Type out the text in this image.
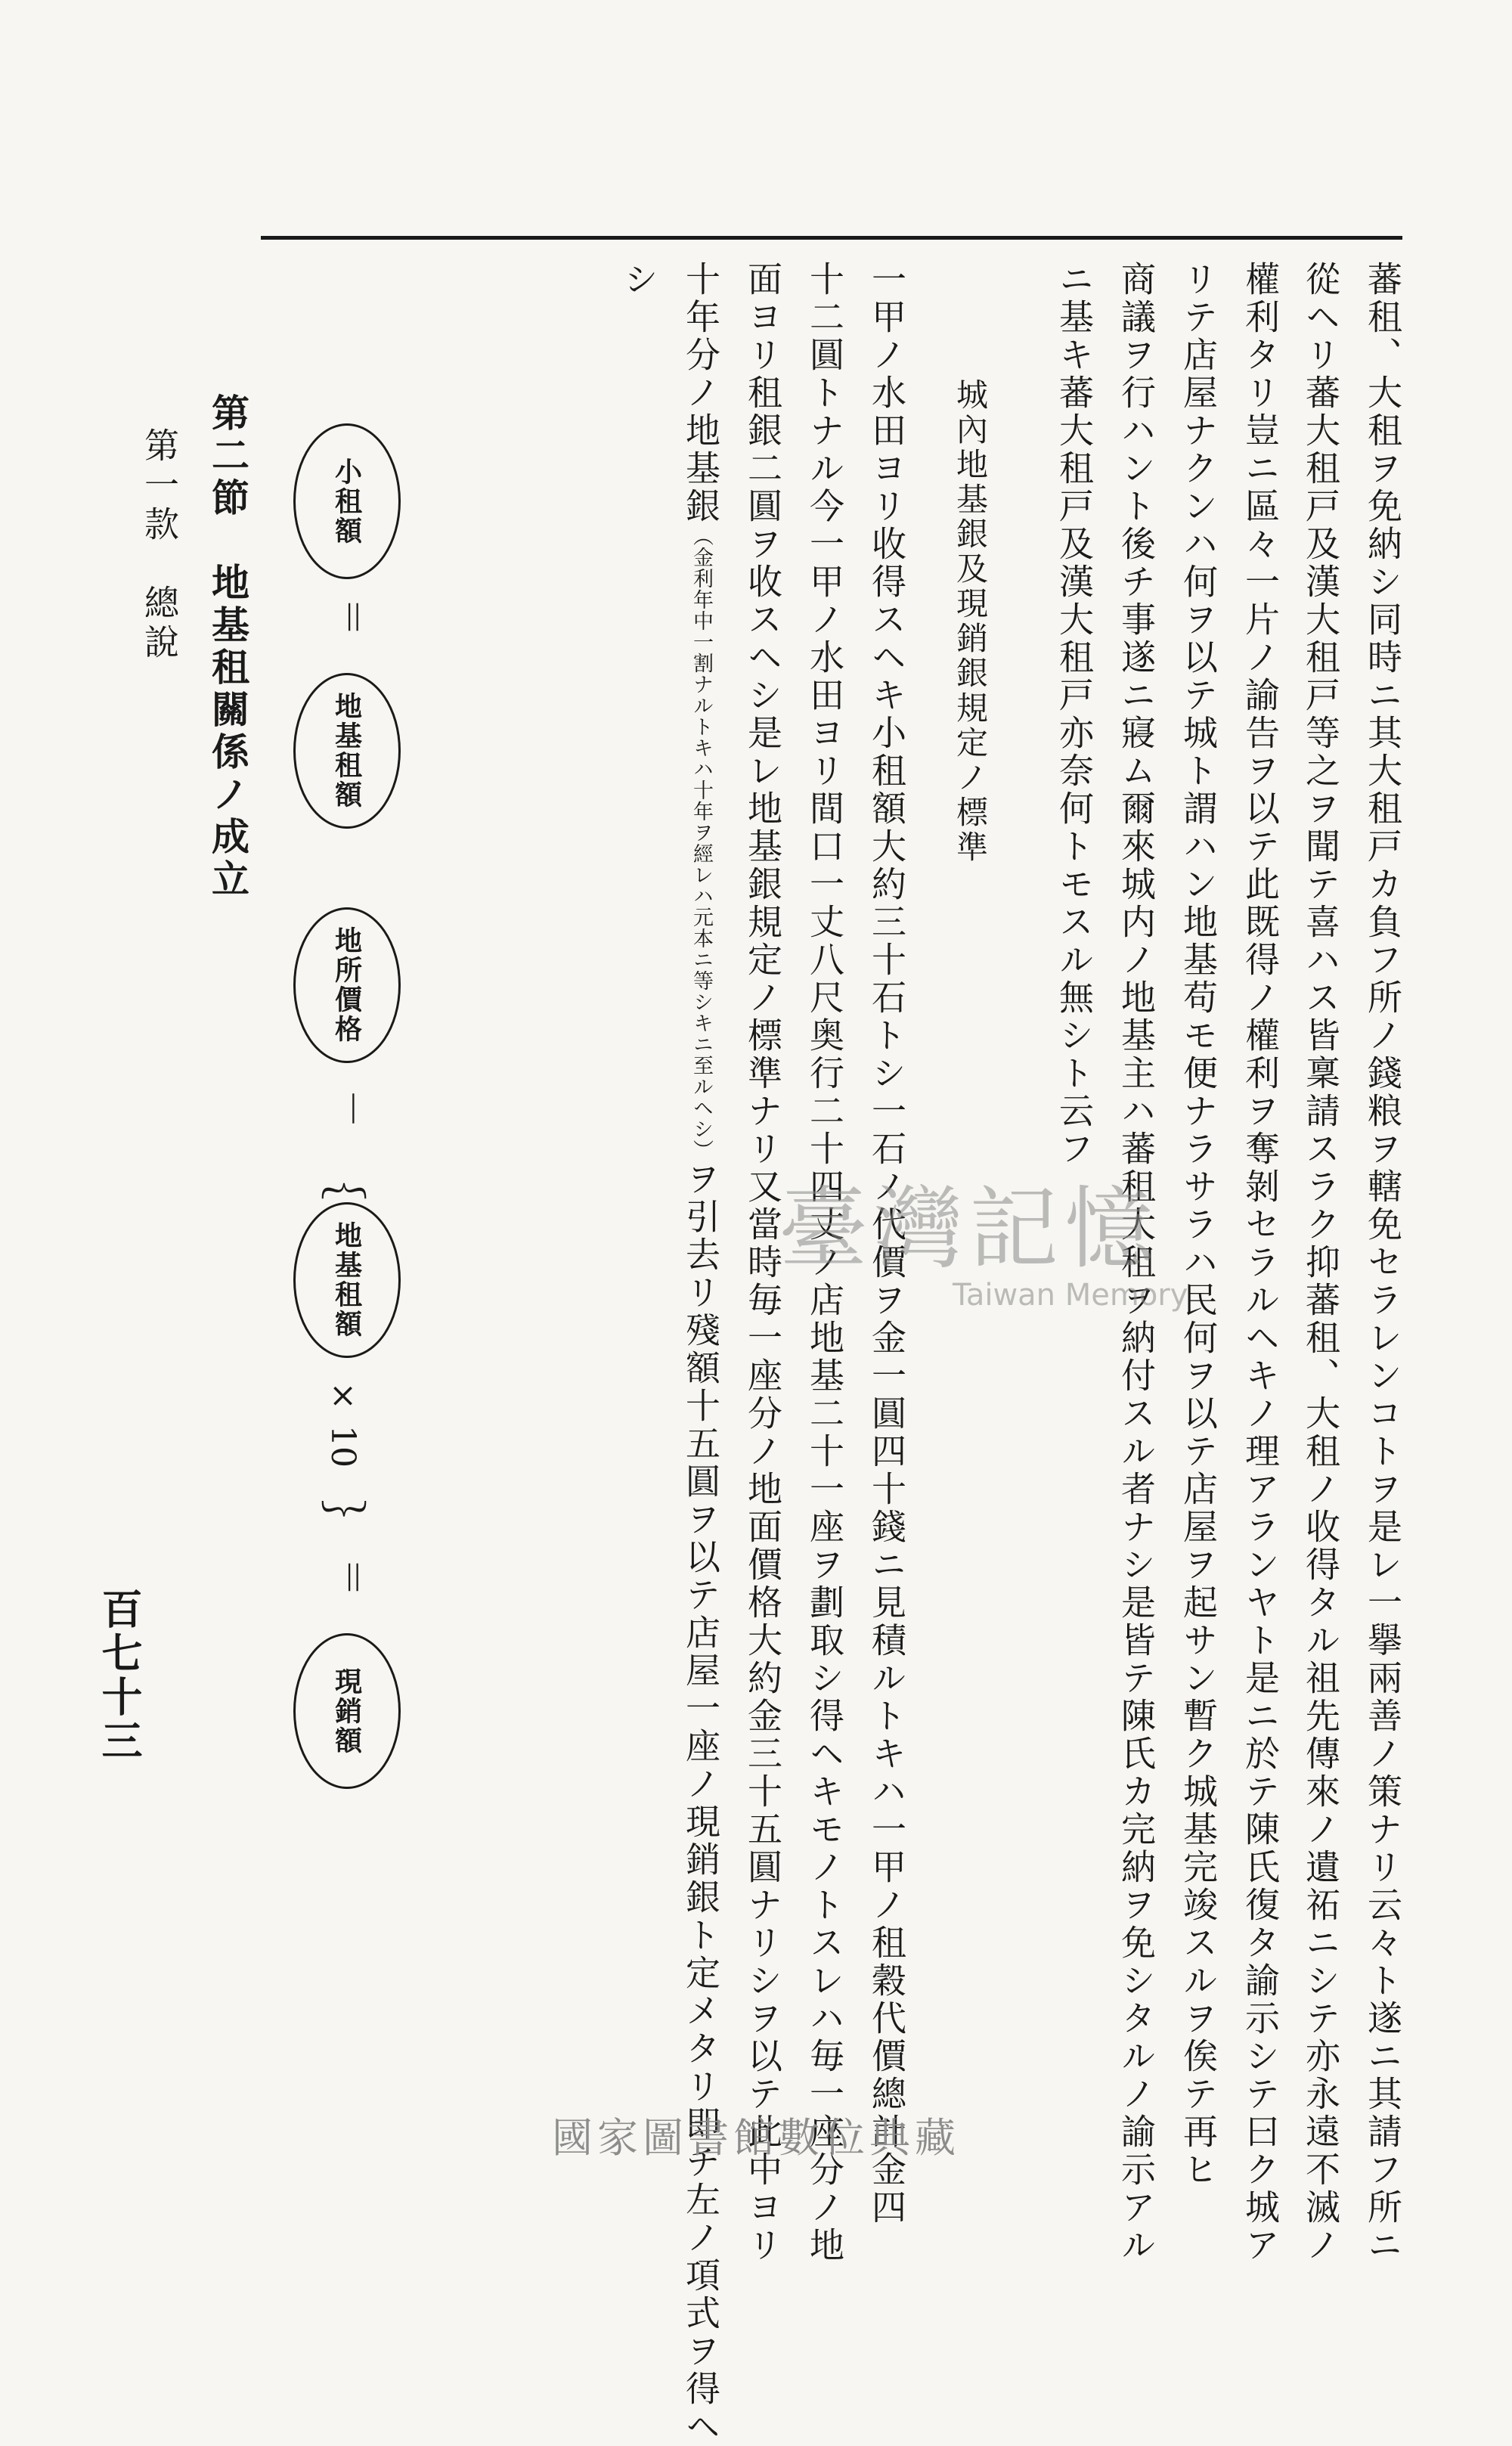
蕃租、大租ヲ免納シ同時ニ其大租戸カ負フ所ノ錢粮ヲ轄免セラレンコトヲ是レ一擧兩善ノ策ナリ云々ト遂ニ其請フ所ニ
從ヘリ蕃大租戸及漢大租戸等之ヲ聞テ喜ハス皆稟請スラク抑蕃租、大租ノ收得タル祖先傳來ノ遺祏ニシテ亦永遠不滅ノ
權利タリ豈ニ區々一片ノ諭告ヲ以テ此既得ノ權利ヲ奪剝セラルヘキノ理アランヤト是ニ於テ陳氏復タ諭示シテ曰ク城ア
リテ店屋ナクンハ何ヲ以テ城ト謂ハン地基苟モ便ナラサラハ民何ヲ以テ店屋ヲ起サン暫ク城基完竣スルヲ俟テ再ヒ
商議ヲ行ハント後チ事遂ニ寢ム爾來城内ノ地基主ハ蕃租大租ヲ納付スル者ナシ是皆テ陳氏カ完納ヲ免シタルノ諭示アル
ニ基キ蕃大租戸及漢大租戸亦奈何トモスル無シト云フ
城內地基銀及現銷銀規定ノ標準
一甲ノ水田ヨリ收得スヘキ小租額大約三十石トシ一石ノ代價ヲ金一圓四十錢ニ見積ルトキハ一甲ノ租穀代價總計金四
十二圓トナル今一甲ノ水田ヨリ間口一丈八尺奥行二十四丈ノ店地基二十一座ヲ劃取シ得ヘキモノトスレハ毎一座分ノ地
面ヨリ租銀二圓ヲ收スヘシ是レ地基銀規定ノ標準ナリ又當時毎一座分ノ地面價格大約金三十五圓ナリシヲ以テ此中ヨリ
十年分ノ地基銀（金利年中一割ナルトキハ十年ヲ經レハ元本ニ等シキニ至ルヘシ）ヲ引去リ殘額十五圓ヲ以テ店屋一座ノ現銷銀ト定メタリ即チ左ノ項式ヲ得ヘ
シ
小租額
＝
地基租額
地所價格
－
︷
地基租額
× 10
︸
＝
現銷額
第二節　地基租關係ノ成立
第一款　總說
百七十三
臺灣記憶
Taiwan Memory
國家圖書館數位典藏
